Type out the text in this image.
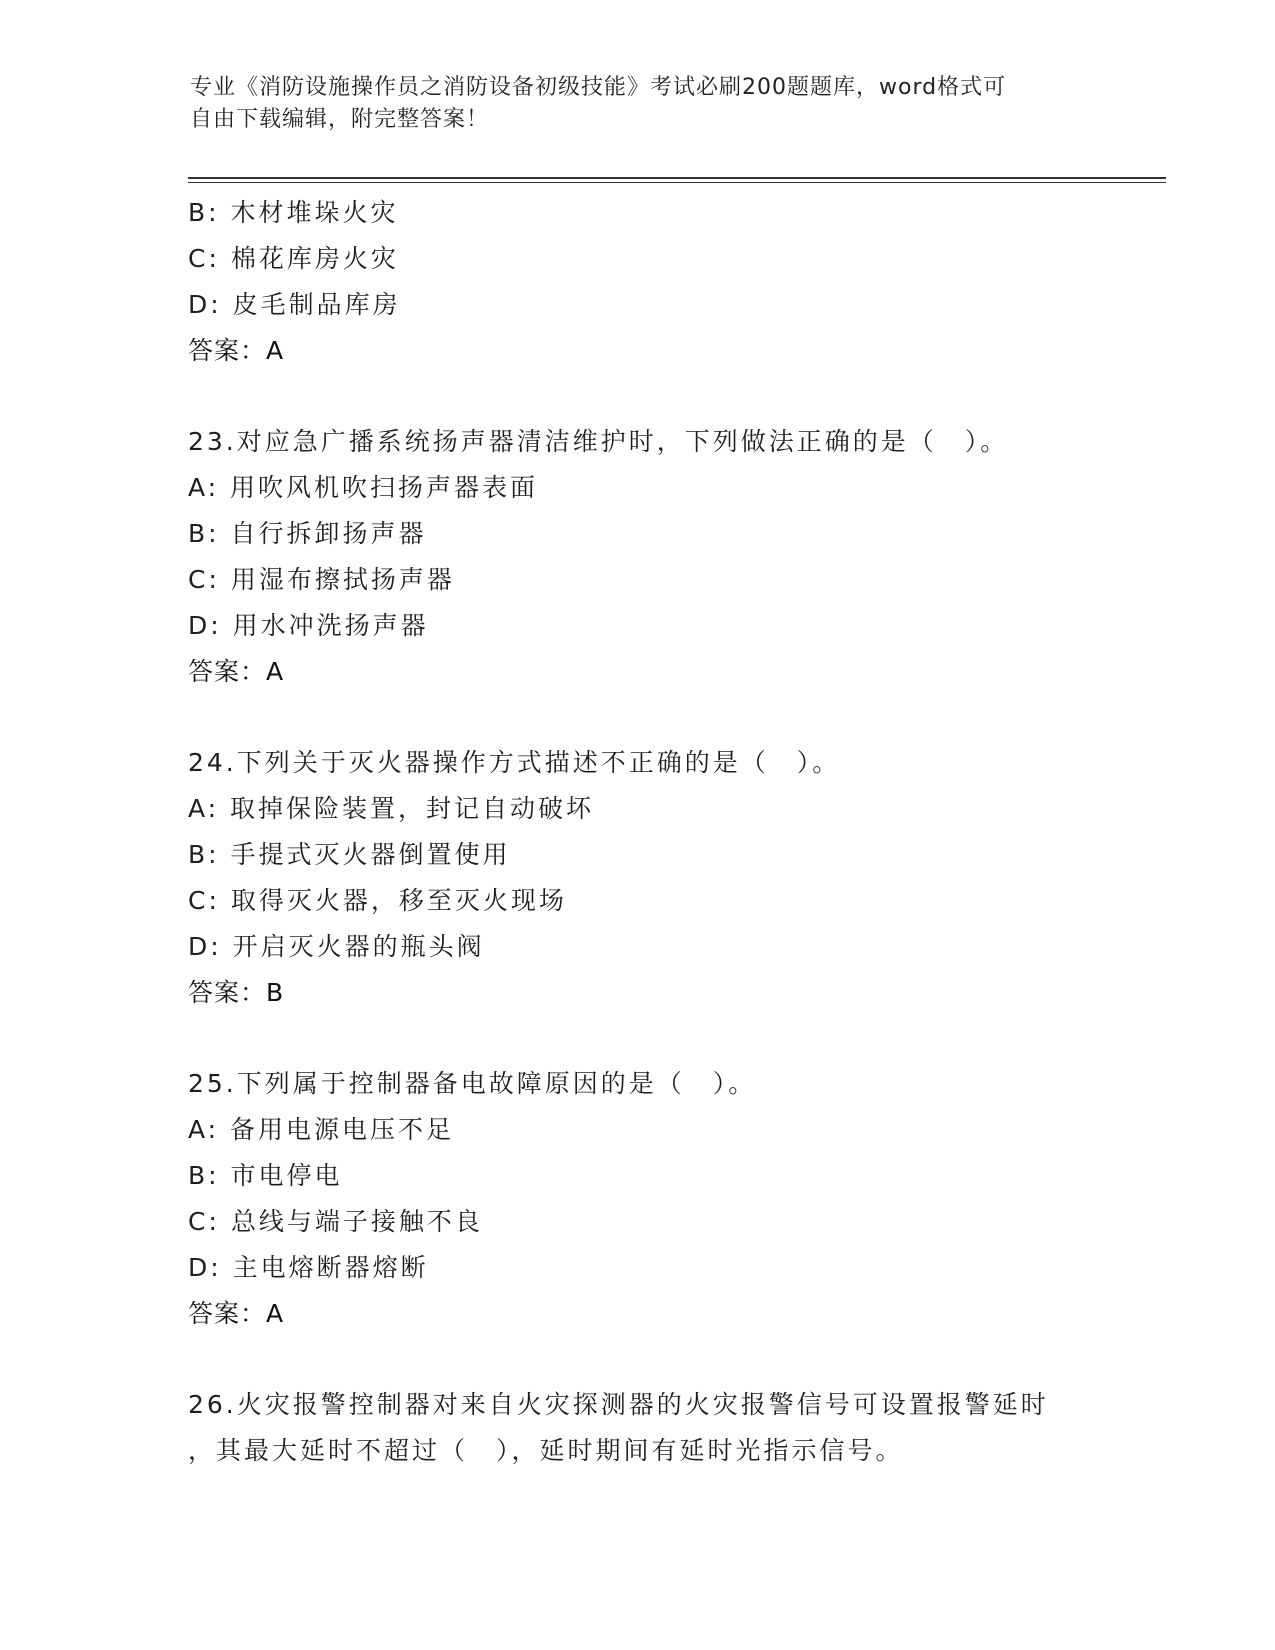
专业《消防设施操作员之消防设备初级技能》考试必刷200题题库，word格式可
自由下载编辑，附完整答案！
B: 木材堆垛火灾
C: 棉花库房火灾
D: 皮毛制品库房
答案：A
23.对应急广播系统扬声器清洁维护时，下列做法正确的是（　）。
A: 用吹风机吹扫扬声器表面
B: 自行拆卸扬声器
C: 用湿布擦拭扬声器
D: 用水冲洗扬声器
答案：A
24.下列关于灭火器操作方式描述不正确的是（　）。
A: 取掉保险装置，封记自动破坏
B: 手提式灭火器倒置使用
C: 取得灭火器，移至灭火现场
D: 开启灭火器的瓶头阀
答案：B
25.下列属于控制器备电故障原因的是（　）。
A: 备用电源电压不足
B: 市电停电
C: 总线与端子接触不良
D: 主电熔断器熔断
答案：A
26.火灾报警控制器对来自火灾探测器的火灾报警信号可设置报警延时
，其最大延时不超过（　），延时期间有延时光指示信号。
